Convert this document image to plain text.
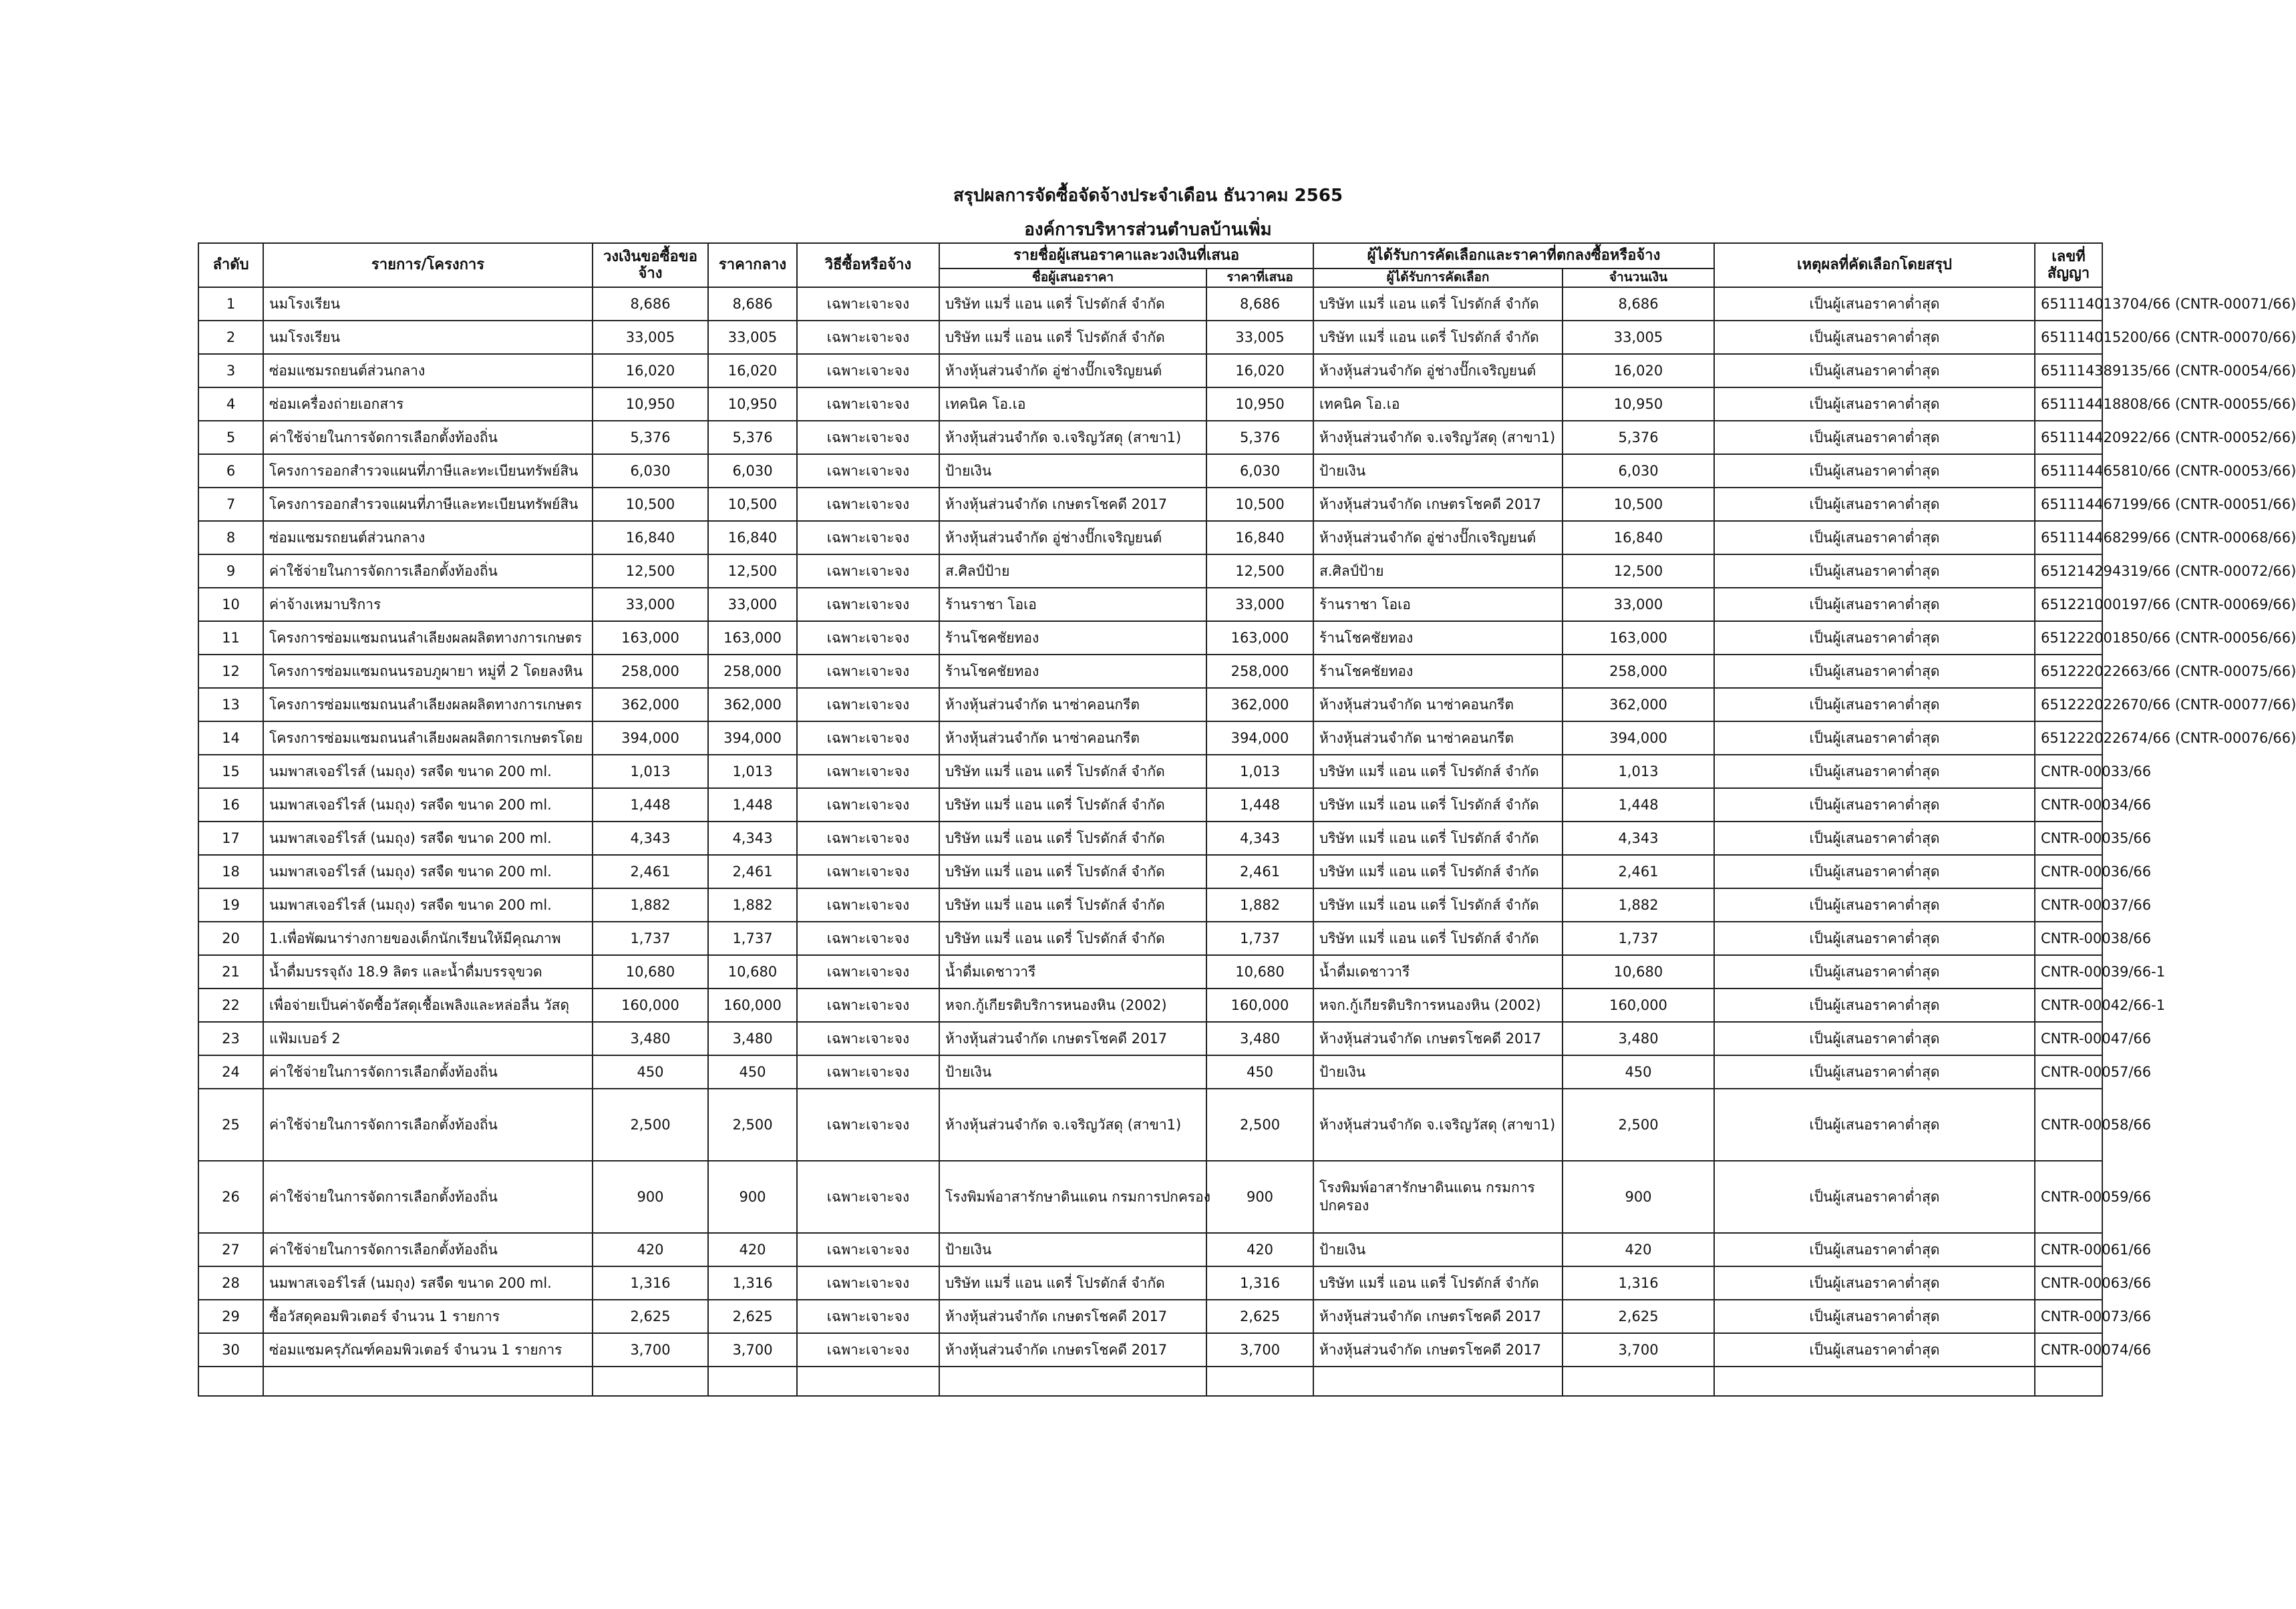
สรุปผลการจัดซื้อจัดจ้างประจำเดือน ธันวาคม 2565
องค์การบริหารส่วนตำบลบ้านเพิ่ม
ลำดับ	รายการ/โครงการ	วงเงินขอซื้อขอจ้าง	ราคากลาง	วิธีซื้อหรือจ้าง	รายชื่อผู้เสนอราคาและวงเงินที่เสนอ		ผู้ได้รับการคัดเลือกและราคาที่ตกลงซื้อหรือจ้าง		เหตุผลที่คัดเลือกโดยสรุป	เลขที่สัญญา
					ชื่อผู้เสนอราคา	ราคาที่เสนอ	ผู้ได้รับการคัดเลือก	จำนวนเงิน		
1	นมโรงเรียน	8,686	8,686	เฉพาะเจาะจง	บริษัท แมรี่ แอน แดรี่ โปรดักส์ จำกัด	8,686	บริษัท แมรี่ แอน แดรี่ โปรดักส์ จำกัด	8,686	เป็นผู้เสนอราคาต่ำสุด	651114013704/66 (CNTR-00071/66)
2	นมโรงเรียน	33,005	33,005	เฉพาะเจาะจง	บริษัท แมรี่ แอน แดรี่ โปรดักส์ จำกัด	33,005	บริษัท แมรี่ แอน แดรี่ โปรดักส์ จำกัด	33,005	เป็นผู้เสนอราคาต่ำสุด	651114015200/66 (CNTR-00070/66)
3	ซ่อมแซมรถยนต์ส่วนกลาง	16,020	16,020	เฉพาะเจาะจง	ห้างหุ้นส่วนจำกัด อู่ช่างปั๊กเจริญยนต์	16,020	ห้างหุ้นส่วนจำกัด อู่ช่างปั๊กเจริญยนต์	16,020	เป็นผู้เสนอราคาต่ำสุด	651114389135/66 (CNTR-00054/66)
4	ซ่อมเครื่องถ่ายเอกสาร	10,950	10,950	เฉพาะเจาะจง	เทคนิค โอ.เอ	10,950	เทคนิค โอ.เอ	10,950	เป็นผู้เสนอราคาต่ำสุด	651114418808/66 (CNTR-00055/66)
5	ค่าใช้จ่ายในการจัดการเลือกตั้งท้องถิ่น	5,376	5,376	เฉพาะเจาะจง	ห้างหุ้นส่วนจำกัด จ.เจริญวัสดุ (สาขา1)	5,376	ห้างหุ้นส่วนจำกัด จ.เจริญวัสดุ (สาขา1)	5,376	เป็นผู้เสนอราคาต่ำสุด	651114420922/66 (CNTR-00052/66)
6	โครงการออกสำรวจแผนที่ภาษีและทะเบียนทรัพย์สิน	6,030	6,030	เฉพาะเจาะจง	ป้ายเงิน	6,030	ป้ายเงิน	6,030	เป็นผู้เสนอราคาต่ำสุด	651114465810/66 (CNTR-00053/66)
7	โครงการออกสำรวจแผนที่ภาษีและทะเบียนทรัพย์สิน	10,500	10,500	เฉพาะเจาะจง	ห้างหุ้นส่วนจำกัด เกษตรโชคดี 2017	10,500	ห้างหุ้นส่วนจำกัด เกษตรโชคดี 2017	10,500	เป็นผู้เสนอราคาต่ำสุด	651114467199/66 (CNTR-00051/66)
8	ซ่อมแซมรถยนต์ส่วนกลาง	16,840	16,840	เฉพาะเจาะจง	ห้างหุ้นส่วนจำกัด อู่ช่างปั๊กเจริญยนต์	16,840	ห้างหุ้นส่วนจำกัด อู่ช่างปั๊กเจริญยนต์	16,840	เป็นผู้เสนอราคาต่ำสุด	651114468299/66 (CNTR-00068/66)
9	ค่าใช้จ่ายในการจัดการเลือกตั้งท้องถิ่น	12,500	12,500	เฉพาะเจาะจง	ส.ศิลป์ป้าย	12,500	ส.ศิลป์ป้าย	12,500	เป็นผู้เสนอราคาต่ำสุด	651214294319/66 (CNTR-00072/66)
10	ค่าจ้างเหมาบริการ	33,000	33,000	เฉพาะเจาะจง	ร้านราชา โอเอ	33,000	ร้านราชา โอเอ	33,000	เป็นผู้เสนอราคาต่ำสุด	651221000197/66 (CNTR-00069/66)
11	โครงการซ่อมแซมถนนลำเลียงผลผลิตทางการเกษตร	163,000	163,000	เฉพาะเจาะจง	ร้านโชคชัยทอง	163,000	ร้านโชคชัยทอง	163,000	เป็นผู้เสนอราคาต่ำสุด	651222001850/66 (CNTR-00056/66)
12	โครงการซ่อมแซมถนนรอบภูผายา หมู่ที่ 2 โดยลงหิน	258,000	258,000	เฉพาะเจาะจง	ร้านโชคชัยทอง	258,000	ร้านโชคชัยทอง	258,000	เป็นผู้เสนอราคาต่ำสุด	651222022663/66 (CNTR-00075/66)
13	โครงการซ่อมแซมถนนลำเลียงผลผลิตทางการเกษตร	362,000	362,000	เฉพาะเจาะจง	ห้างหุ้นส่วนจำกัด นาซ่าคอนกรีต	362,000	ห้างหุ้นส่วนจำกัด นาซ่าคอนกรีต	362,000	เป็นผู้เสนอราคาต่ำสุด	651222022670/66 (CNTR-00077/66)
14	โครงการซ่อมแซมถนนลำเลียงผลผลิตการเกษตรโดย	394,000	394,000	เฉพาะเจาะจง	ห้างหุ้นส่วนจำกัด นาซ่าคอนกรีต	394,000	ห้างหุ้นส่วนจำกัด นาซ่าคอนกรีต	394,000	เป็นผู้เสนอราคาต่ำสุด	651222022674/66 (CNTR-00076/66)
15	นมพาสเจอร์ไรส์ (นมถุง) รสจืด ขนาด 200 ml.	1,013	1,013	เฉพาะเจาะจง	บริษัท แมรี่ แอน แดรี่ โปรดักส์ จำกัด	1,013	บริษัท แมรี่ แอน แดรี่ โปรดักส์ จำกัด	1,013	เป็นผู้เสนอราคาต่ำสุด	CNTR-00033/66
16	นมพาสเจอร์ไรส์ (นมถุง) รสจืด ขนาด 200 ml.	1,448	1,448	เฉพาะเจาะจง	บริษัท แมรี่ แอน แดรี่ โปรดักส์ จำกัด	1,448	บริษัท แมรี่ แอน แดรี่ โปรดักส์ จำกัด	1,448	เป็นผู้เสนอราคาต่ำสุด	CNTR-00034/66
17	นมพาสเจอร์ไรส์ (นมถุง) รสจืด ขนาด 200 ml.	4,343	4,343	เฉพาะเจาะจง	บริษัท แมรี่ แอน แดรี่ โปรดักส์ จำกัด	4,343	บริษัท แมรี่ แอน แดรี่ โปรดักส์ จำกัด	4,343	เป็นผู้เสนอราคาต่ำสุด	CNTR-00035/66
18	นมพาสเจอร์ไรส์ (นมถุง) รสจืด ขนาด 200 ml.	2,461	2,461	เฉพาะเจาะจง	บริษัท แมรี่ แอน แดรี่ โปรดักส์ จำกัด	2,461	บริษัท แมรี่ แอน แดรี่ โปรดักส์ จำกัด	2,461	เป็นผู้เสนอราคาต่ำสุด	CNTR-00036/66
19	นมพาสเจอร์ไรส์ (นมถุง) รสจืด ขนาด 200 ml.	1,882	1,882	เฉพาะเจาะจง	บริษัท แมรี่ แอน แดรี่ โปรดักส์ จำกัด	1,882	บริษัท แมรี่ แอน แดรี่ โปรดักส์ จำกัด	1,882	เป็นผู้เสนอราคาต่ำสุด	CNTR-00037/66
20	1.เพื่อพัฒนาร่างกายของเด็กนักเรียนให้มีคุณภาพ	1,737	1,737	เฉพาะเจาะจง	บริษัท แมรี่ แอน แดรี่ โปรดักส์ จำกัด	1,737	บริษัท แมรี่ แอน แดรี่ โปรดักส์ จำกัด	1,737	เป็นผู้เสนอราคาต่ำสุด	CNTR-00038/66
21	น้ำดื่มบรรจุถัง 18.9 ลิตร และน้ำดื่มบรรจุขวด	10,680	10,680	เฉพาะเจาะจง	น้ำดื่มเดชาวารี	10,680	น้ำดื่มเดชาวารี	10,680	เป็นผู้เสนอราคาต่ำสุด	CNTR-00039/66-1
22	เพื่อจ่ายเป็นค่าจัดซื้อวัสดุเชื้อเพลิงและหล่อลื่น วัสดุ	160,000	160,000	เฉพาะเจาะจง	หจก.กู้เกียรติบริการหนองหิน (2002)	160,000	หจก.กู้เกียรติบริการหนองหิน (2002)	160,000	เป็นผู้เสนอราคาต่ำสุด	CNTR-00042/66-1
23	แฟ้มเบอร์ 2	3,480	3,480	เฉพาะเจาะจง	ห้างหุ้นส่วนจำกัด เกษตรโชคดี 2017	3,480	ห้างหุ้นส่วนจำกัด เกษตรโชคดี 2017	3,480	เป็นผู้เสนอราคาต่ำสุด	CNTR-00047/66
24	ค่าใช้จ่ายในการจัดการเลือกตั้งท้องถิ่น	450	450	เฉพาะเจาะจง	ป้ายเงิน	450	ป้ายเงิน	450	เป็นผู้เสนอราคาต่ำสุด	CNTR-00057/66
25	ค่าใช้จ่ายในการจัดการเลือกตั้งท้องถิ่น	2,500	2,500	เฉพาะเจาะจง	ห้างหุ้นส่วนจำกัด จ.เจริญวัสดุ (สาขา1)	2,500	ห้างหุ้นส่วนจำกัด จ.เจริญวัสดุ (สาขา1)	2,500	เป็นผู้เสนอราคาต่ำสุด	CNTR-00058/66
26	ค่าใช้จ่ายในการจัดการเลือกตั้งท้องถิ่น	900	900	เฉพาะเจาะจง	โรงพิมพ์อาสารักษาดินแดน กรมการปกครอง	900	โรงพิมพ์อาสารักษาดินแดน กรมการปกครอง	900	เป็นผู้เสนอราคาต่ำสุด	CNTR-00059/66
27	ค่าใช้จ่ายในการจัดการเลือกตั้งท้องถิ่น	420	420	เฉพาะเจาะจง	ป้ายเงิน	420	ป้ายเงิน	420	เป็นผู้เสนอราคาต่ำสุด	CNTR-00061/66
28	นมพาสเจอร์ไรส์ (นมถุง) รสจืด ขนาด 200 ml.	1,316	1,316	เฉพาะเจาะจง	บริษัท แมรี่ แอน แดรี่ โปรดักส์ จำกัด	1,316	บริษัท แมรี่ แอน แดรี่ โปรดักส์ จำกัด	1,316	เป็นผู้เสนอราคาต่ำสุด	CNTR-00063/66
29	ซื้อวัสดุคอมพิวเตอร์ จำนวน 1 รายการ	2,625	2,625	เฉพาะเจาะจง	ห้างหุ้นส่วนจำกัด เกษตรโชคดี 2017	2,625	ห้างหุ้นส่วนจำกัด เกษตรโชคดี 2017	2,625	เป็นผู้เสนอราคาต่ำสุด	CNTR-00073/66
30	ซ่อมแซมครุภัณฑ์คอมพิวเตอร์ จำนวน 1 รายการ	3,700	3,700	เฉพาะเจาะจง	ห้างหุ้นส่วนจำกัด เกษตรโชคดี 2017	3,700	ห้างหุ้นส่วนจำกัด เกษตรโชคดี 2017	3,700	เป็นผู้เสนอราคาต่ำสุด	CNTR-00074/66
